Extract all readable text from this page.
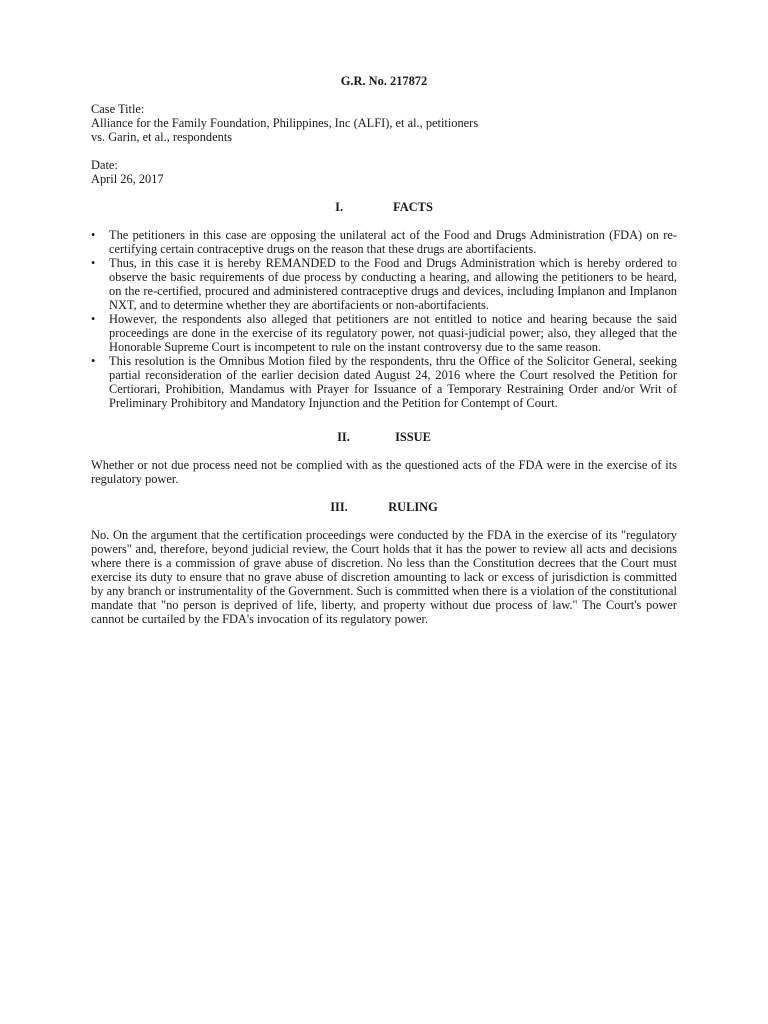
G.R. No. 217872

Case Title:

Alliance for the Family Foundation, Philippines, Inc (ALFI), et al., petitioners

vs. Garin, et al., respondents

Date:

April 26, 2017

I.	FACTS
• The petitioners in this case are opposing the unilateral act of the Food and Drugs Administration (FDA) on re-certifying certain contraceptive drugs on the reason that these drugs are abortifacients.
• Thus, in this case it is hereby REMANDED to the Food and Drugs Administration which is hereby ordered to observe the basic requirements of due process by conducting a hearing, and allowing the petitioners to be heard, on the re-certified, procured and administered contraceptive drugs and devices, including Implanon and Implanon NXT, and to determine whether they are abortifacients or non-abortifacients.
• However, the respondents also alleged that petitioners are not entitled to notice and hearing because the said proceedings are done in the exercise of its regulatory power, not quasi-judicial power; also, they alleged that the Honorable Supreme Court is incompetent to rule on the instant controversy due to the same reason.
• This resolution is the Omnibus Motion filed by the respondents, thru the Office of the Solicitor General, seeking partial reconsideration of the earlier decision dated August 24, 2016 where the Court resolved the Petition for Certiorari, Prohibition, Mandamus with Prayer for Issuance of a Temporary Restraining Order and/or Writ of Preliminary Prohibitory and Mandatory Injunction and the Petition for Contempt of Court.
II.	ISSUE

Whether or not due process need not be complied with as the questioned acts of the FDA were in the exercise of its regulatory power.

III.	RULING

No. On the argument that the certification proceedings were conducted by the FDA in the exercise of its "regulatory powers" and, therefore, beyond judicial review, the Court holds that it has the power to review all acts and decisions where there is a commission of grave abuse of discretion. No less than the Constitution decrees that the Court must exercise its duty to ensure that no grave abuse of discretion amounting to lack or excess of jurisdiction is committed by any branch or instrumentality of the Government. Such is committed when there is a violation of the constitutional mandate that "no person is deprived of life, liberty, and property without due process of law." The Court's power cannot be curtailed by the FDA's invocation of its regulatory power.
